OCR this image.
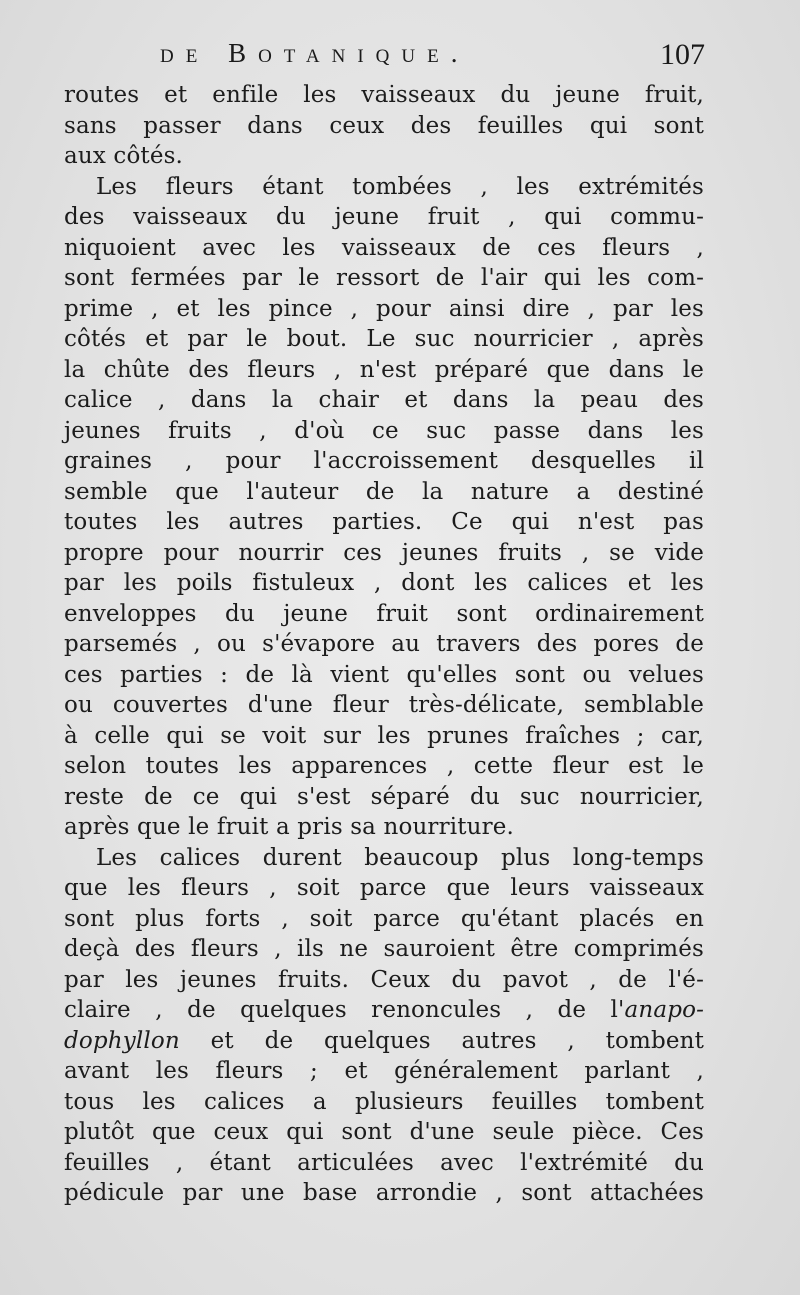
de Botanique.	107
routes et enfile les vaisseaux du jeune fruit,
sans passer dans ceux des feuilles qui sont
aux côtés.
Les fleurs étant tombées , les extrémités
des vaisseaux du jeune fruit , qui commu-
niquoient avec les vaisseaux de ces fleurs ,
sont fermées par le ressort de l'air qui les com-
prime , et les pince , pour ainsi dire , par les
côtés et par le bout. Le suc nourricier , après
la chûte des fleurs , n'est préparé que dans le
calice , dans la chair et dans la peau des
jeunes fruits , d'où ce suc passe dans les
graines , pour l'accroissement desquelles il
semble que l'auteur de la nature a destiné
toutes les autres parties. Ce qui n'est pas
propre pour nourrir ces jeunes fruits , se vide
par les poils fistuleux , dont les calices et les
enveloppes du jeune fruit sont ordinairement
parsemés , ou s'évapore au travers des pores de
ces parties : de là vient qu'elles sont ou velues
ou couvertes d'une fleur très-délicate, semblable
à celle qui se voit sur les prunes fraîches ; car,
selon toutes les apparences , cette fleur est le
reste de ce qui s'est séparé du suc nourricier,
après que le fruit a pris sa nourriture.
Les calices durent beaucoup plus long-temps
que les fleurs , soit parce que leurs vaisseaux
sont plus forts , soit parce qu'étant placés en
deçà des fleurs , ils ne sauroient être comprimés
par les jeunes fruits. Ceux du pavot , de l'é-
claire , de quelques renoncules , de l'anapo-
dophyllon et de quelques autres , tombent
avant les fleurs ; et généralement parlant ,
tous les calices a plusieurs feuilles tombent
plutôt que ceux qui sont d'une seule pièce. Ces
feuilles , étant articulées avec l'extrémité du
pédicule par une base arrondie , sont attachées
